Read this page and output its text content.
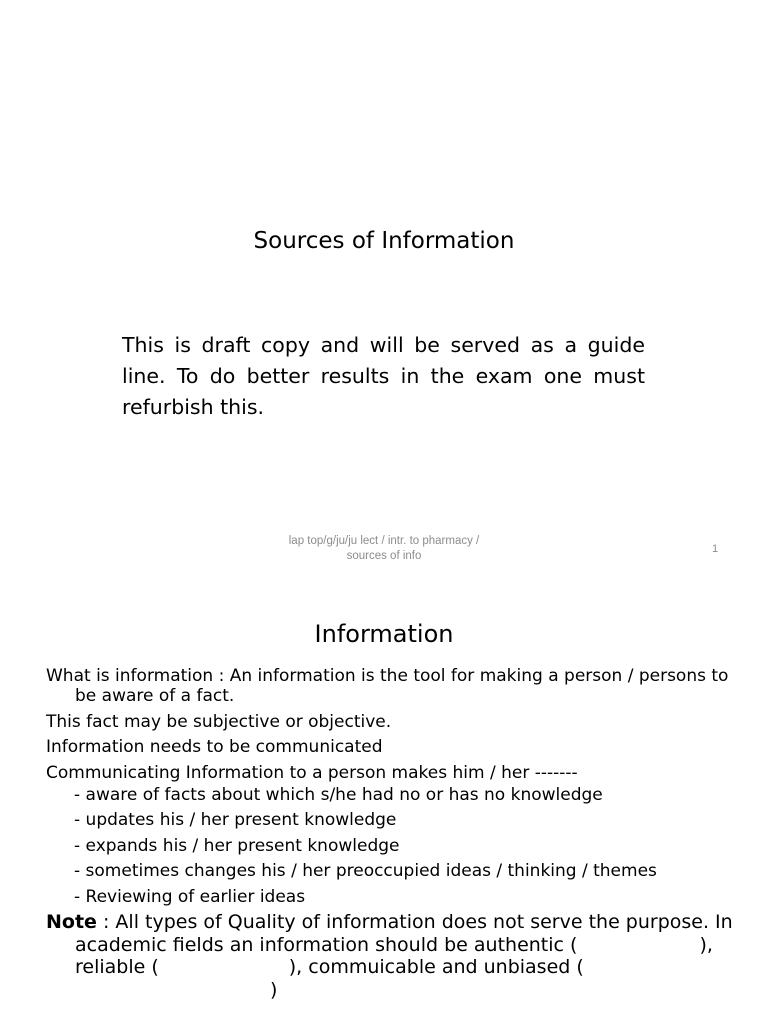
Sources of Information
This is draft copy and will be served as a guide line. To do better results in the exam one must refurbish this.
lap top/g/ju/ju lect / intr. to pharmacy /
sources of info
1
Information
What is information : An information is the tool for making a person / persons to be aware of a fact.
This fact may be subjective or objective.
Information needs to be communicated
Communicating Information to a person makes him / her -------
- aware of facts about which s/he had no or has no knowledge
- updates his / her present knowledge
- expands his / her present knowledge
- sometimes changes his / her preoccupied ideas / thinking / themes
- Reviewing of earlier ideas
Note : All types of Quality of information does not serve the purpose. In academic fields an information should be authentic (	), reliable (	), commuicable and unbiased ()
